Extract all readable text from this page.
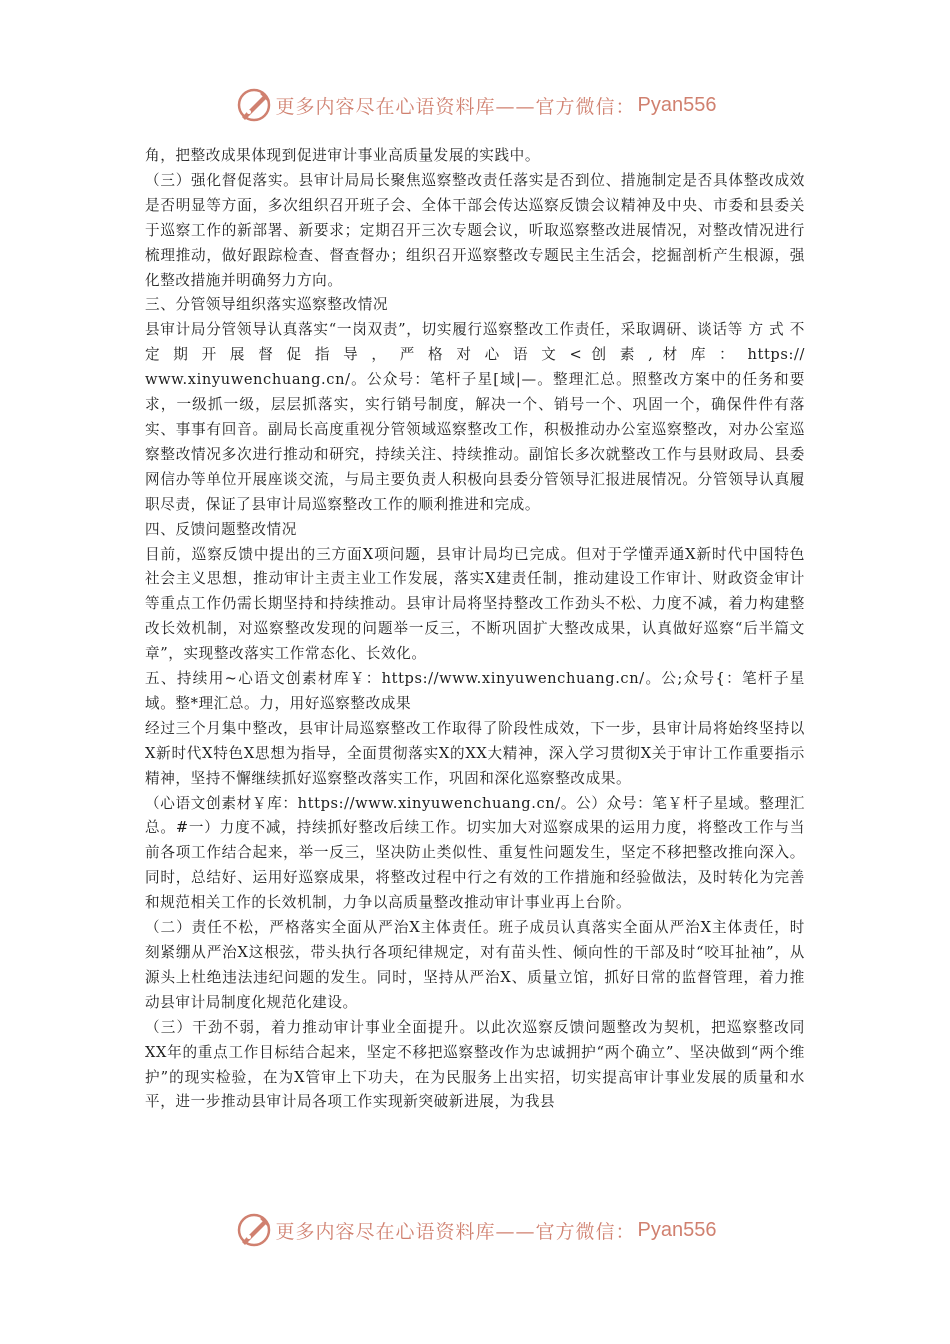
更多内容尽在心语资料库——官方微信： Pyan556

角，把整改成果体现到促进审计事业高质量发展的实践中。

（三）强化督促落实。县审计局局长聚焦巡察整改责任落实是否到位、措施制定是否具体整改成效是否明显等方面，多次组织召开班子会、全体干部会传达巡察反馈会议精神及中央、市委和县委关于巡察工作的新部署、新要求；定期召开三次专题会议，听取巡察整改进展情况，对整改情况进行梳理推动，做好跟踪检查、督查督办；组织召开巡察整改专题民主生活会，挖掘剖析产生根源，强化整改措施并明确努力方向。

三、分管领导组织落实巡察整改情况

县审计局分管领导认真落实“一岗双责”，切实履行巡察整改工作责任，采取调研、谈话等 方 式 不 定 期 开 展 督 促 指 导 ， 严 格 对 心 语 文 < 创 素 , 材 库 ： https:// www.xinyuwenchuang.cn/。公众号：笔杆子星[域|—。整理汇总。照整改方案中的任务和要求，一级抓一级，层层抓落实，实行销号制度，解决一个、销号一个、巩固一个，确保件件有落实、事事有回音。副局长高度重视分管领域巡察整改工作，积极推动办公室巡察整改，对办公室巡察整改情况多次进行推动和研究，持续关注、持续推动。副馆长多次就整改工作与县财政局、县委网信办等单位开展座谈交流，与局主要负责人积极向县委分管领导汇报进展情况。分管领导认真履职尽责，保证了县审计局巡察整改工作的顺利推进和完成。

四、反馈问题整改情况

目前，巡察反馈中提出的三方面X项问题，县审计局均已完成。但对于学懂弄通X新时代中国特色社会主义思想，推动审计主责主业工作发展，落实X建责任制，推动建设工作审计、财政资金审计等重点工作仍需长期坚持和持续推动。县审计局将坚持整改工作劲头不松、力度不减，着力构建整改长效机制，对巡察整改发现的问题举一反三，不断巩固扩大整改成果，认真做好巡察“后半篇文章”，实现整改落实工作常态化、长效化。

五、持续用~心语文创素材库￥：https://www.xinyuwenchuang.cn/。公;众号{：笔杆子星域。整*理汇总。力，用好巡察整改成果

经过三个月集中整改，县审计局巡察整改工作取得了阶段性成效，下一步，县审计局将始终坚持以X新时代X特色X思想为指导，全面贯彻落实X的XX大精神，深入学习贯彻X关于审计工作重要指示精神，坚持不懈继续抓好巡察整改落实工作，巩固和深化巡察整改成果。

（心语文创素材￥库：https://www.xinyuwenchuang.cn/。公）众号：笔￥杆子星域。整理汇总。#一）力度不减，持续抓好整改后续工作。切实加大对巡察成果的运用力度，将整改工作与当前各项工作结合起来，举一反三，坚决防止类似性、重复性问题发生，坚定不移把整改推向深入。同时，总结好、运用好巡察成果，将整改过程中行之有效的工作措施和经验做法，及时转化为完善和规范相关工作的长效机制，力争以高质量整改推动审计事业再上台阶。

（二）责任不松，严格落实全面从严治X主体责任。班子成员认真落实全面从严治X主体责任，时刻紧绷从严治X这根弦，带头执行各项纪律规定，对有苗头性、倾向性的干部及时“咬耳扯袖”，从源头上杜绝违法违纪问题的发生。同时，坚持从严治X、质量立馆，抓好日常的监督管理，着力推动县审计局制度化规范化建设。

（三）干劲不弱，着力推动审计事业全面提升。以此次巡察反馈问题整改为契机，把巡察整改同XX年的重点工作目标结合起来，坚定不移把巡察整改作为忠诚拥护“两个确立”、坚决做到“两个维护”的现实检验，在为X管审上下功夫，在为民服务上出实招，切实提高审计事业发展的质量和水平，进一步推动县审计局各项工作实现新突破新进展，为我县

更多内容尽在心语资料库——官方微信： Pyan556
